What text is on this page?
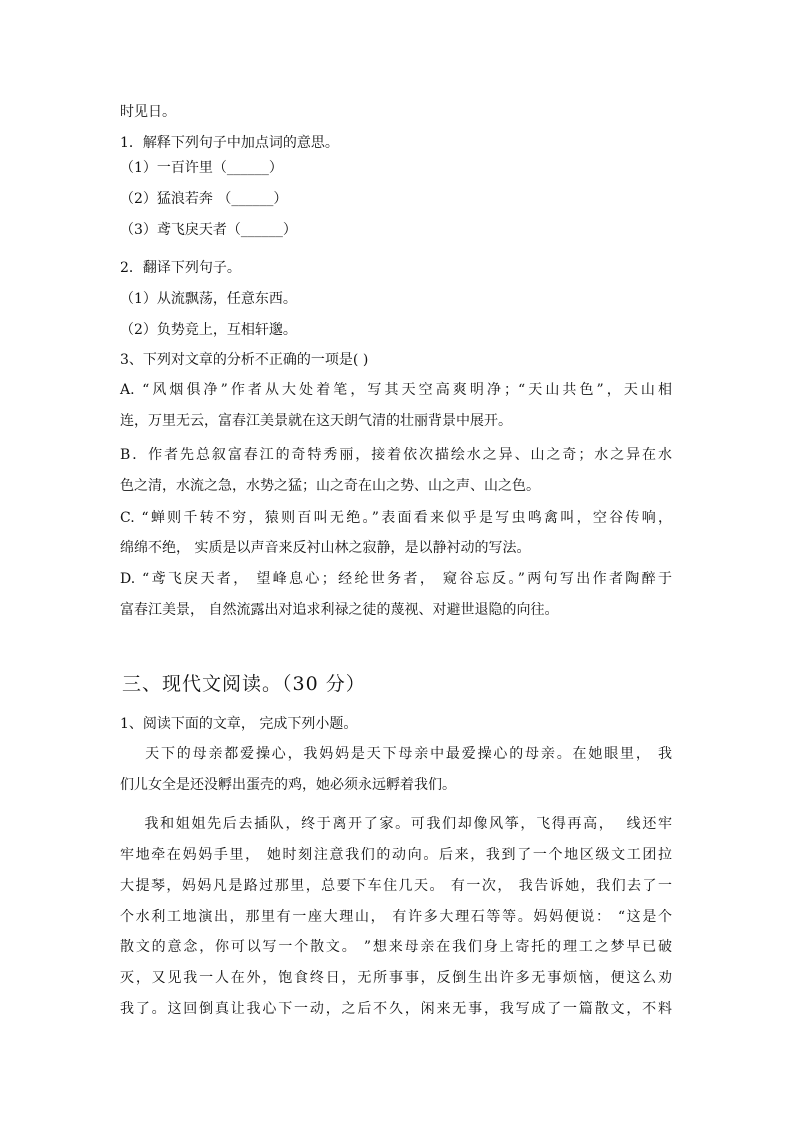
时见日。
1．解释下列句子中加点词的意思。
（1）一百许里（______）
（2）猛浪若奔 （______）
（3）鸢飞戾天者（______）
2．翻译下列句子。
（1）从流飘荡，任意东西。
（2）负势竞上，互相轩邈。
3、下列对文章的分析不正确的一项是( )
A. “风烟俱净”作者从大处着笔，写其天空高爽明净；“天山共色”，天山相
连，万里无云，富春江美景就在这天朗气清的壮丽背景中展开。
B．作者先总叙富春江的奇特秀丽，接着依次描绘水之异、山之奇；水之异在水
色之清，水流之急，水势之猛；山之奇在山之势、山之声、山之色。
C. “蝉则千转不穷，猿则百叫无绝。”表面看来似乎是写虫鸣禽叫，空谷传响，
绵绵不绝， 实质是以声音来反衬山林之寂静，是以静衬动的写法。
D. “鸢飞戾天者， 望峰息心；经纶世务者， 窥谷忘反。”两句写出作者陶醉于
富春江美景， 自然流露出对追求利禄之徒的蔑视、对避世退隐的向往。
三、现代文阅读。（30 分）
1、阅读下面的文章， 完成下列小题。
天下的母亲都爱操心，我妈妈是天下母亲中最爱操心的母亲。在她眼里， 我
们儿女全是还没孵出蛋壳的鸡，她必须永远孵着我们。
我和姐姐先后去插队，终于离开了家。可我们却像风筝，飞得再高，  线还牢
牢地牵在妈妈手里， 她时刻注意我们的动向。后来，我到了一个地区级文工团拉
大提琴，妈妈凡是路过那里，总要下车住几天。 有一次， 我告诉她，我们去了一
个水利工地演出，那里有一座大理山， 有许多大理石等等。妈妈便说： “这是个
散文的意念，你可以写一个散文。 ”想来母亲在我们身上寄托的理工之梦早已破
灭，又见我一人在外，饱食终日，无所事事，反倒生出许多无事烦恼，便这么劝
我了。这回倒真让我心下一动，之后不久，闲来无事，我写成了一篇散文，不料
